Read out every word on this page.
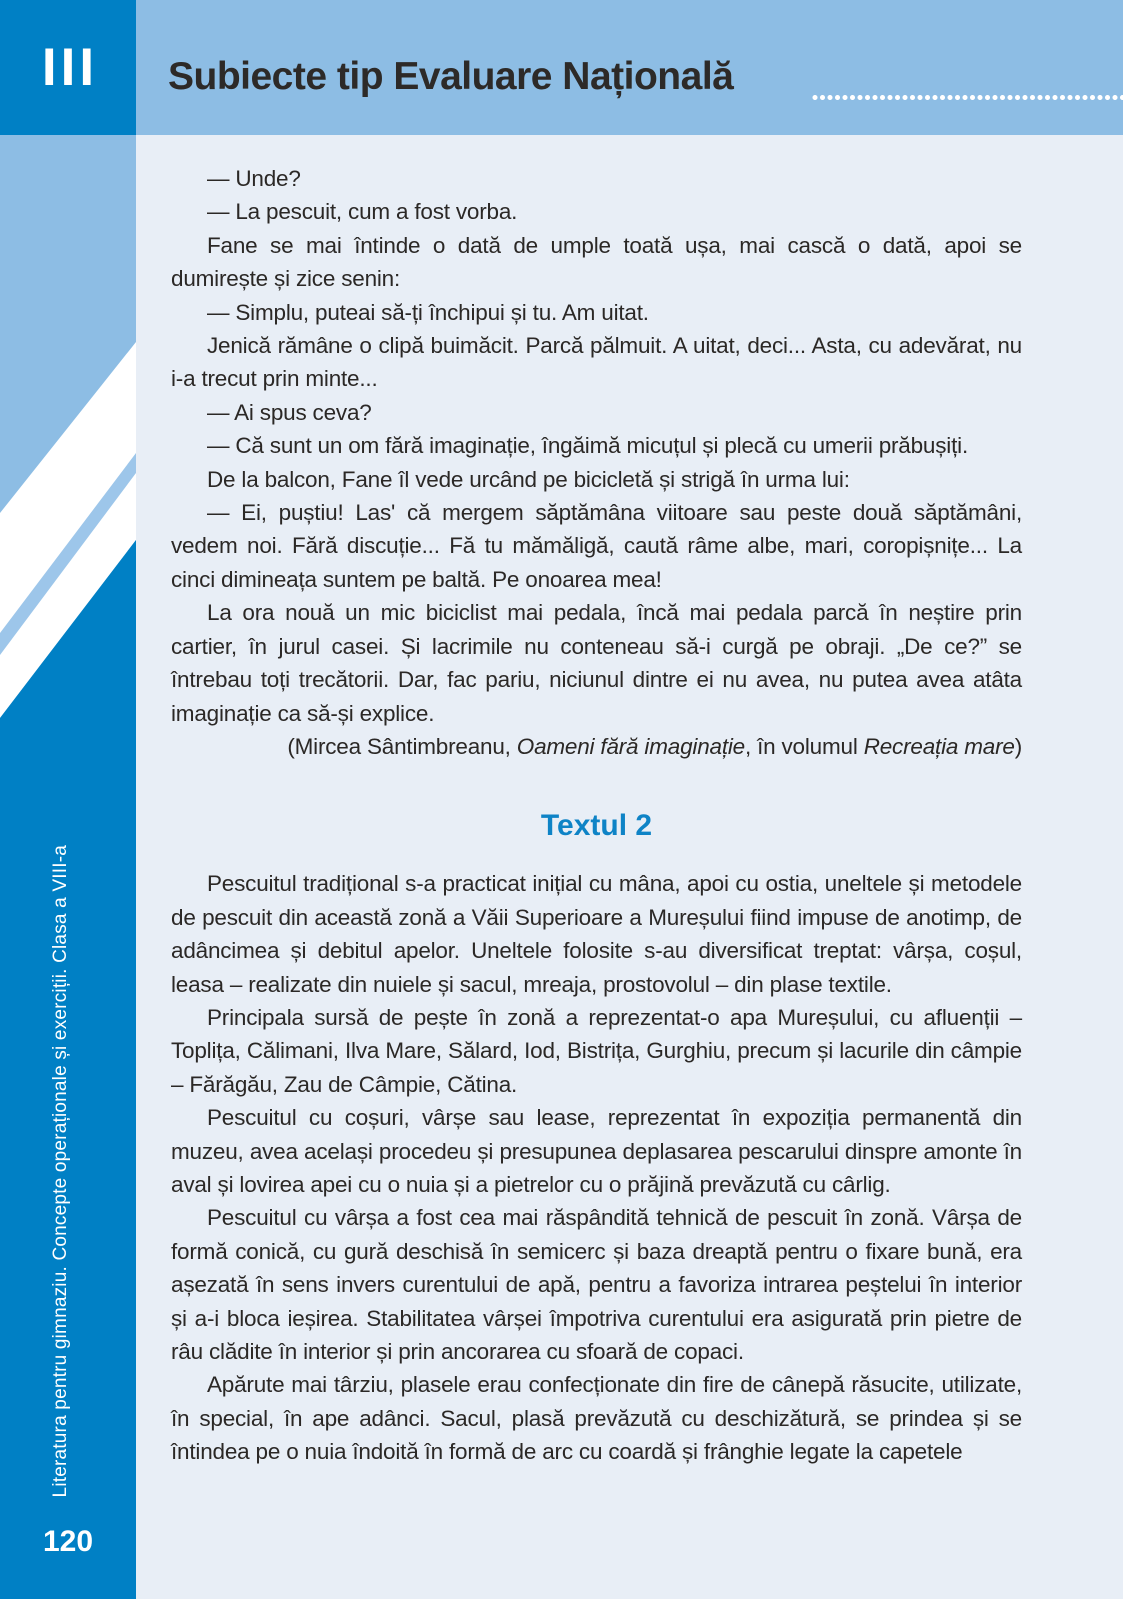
Subiecte tip Evaluare Națională
III
Literatura pentru gimnaziu. Concepte operaționale și exerciții. Clasa a VIII-a
120

— Unde?

— La pescuit, cum a fost vorba.

Fane se mai întinde o dată de umple toată ușa, mai cască o dată, apoi se dumirește și zice senin:

— Simplu, puteai să-ți închipui și tu. Am uitat.

Jenică rămâne o clipă buimăcit. Parcă pălmuit. A uitat, deci... Asta, cu adevărat, nu i-a trecut prin minte...

— Ai spus ceva?

— Că sunt un om fără imaginație, îngăimă micuțul și plecă cu umerii prăbușiți.

De la balcon, Fane îl vede urcând pe bicicletă și strigă în urma lui:

— Ei, puștiu! Las' că mergem săptămâna viitoare sau peste două săptămâni, vedem noi. Fără discuție... Fă tu mămăligă, caută râme albe, mari, coropișnițe... La cinci dimineața suntem pe baltă. Pe onoarea mea!

La ora nouă un mic biciclist mai pedala, încă mai pedala parcă în neștire prin cartier, în jurul casei. Și lacrimile nu conteneau să-i curgă pe obraji. „De ce?” se întrebau toți trecătorii. Dar, fac pariu, niciunul dintre ei nu avea, nu putea avea atâta imaginație ca să-și explice.

(Mircea Sântimbreanu, Oameni fără imaginație, în volumul Recreația mare)

Textul 2

Pescuitul tradițional s-a practicat inițial cu mâna, apoi cu ostia, uneltele și metodele de pescuit din această zonă a Văii Superioare a Mureșului fiind impuse de anotimp, de adâncimea și debitul apelor. Uneltele folosite s-au diversificat treptat: vârșa, coșul, leasa – realizate din nuiele și sacul, mreaja, prostovolul – din plase textile.

Principala sursă de pește în zonă a reprezentat-o apa Mureșului, cu afluenții – Toplița, Călimani, Ilva Mare, Sălard, Iod, Bistrița, Gurghiu, precum și lacurile din câmpie – Fărăgău, Zau de Câmpie, Cătina.

Pescuitul cu coșuri, vârșe sau lease, reprezentat în expoziția permanentă din muzeu, avea același procedeu și presupunea deplasarea pescarului dinspre amonte în aval și lovirea apei cu o nuia și a pietrelor cu o prăjină prevăzută cu cârlig.

Pescuitul cu vârșa a fost cea mai răspândită tehnică de pescuit în zonă. Vârșa de formă conică, cu gură deschisă în semicerc și baza dreaptă pentru o fixare bună, era așezată în sens invers curentului de apă, pentru a favoriza intrarea peștelui în interior și a-i bloca ieșirea. Stabilitatea vârșei împotriva curentului era asigurată prin pietre de râu clădite în interior și prin ancorarea cu sfoară de copaci.

Apărute mai târziu, plasele erau confecționate din fire de cânepă răsucite, utilizate, în special, în ape adânci. Sacul, plasă prevăzută cu deschizătură, se prindea și se întindea pe o nuia îndoită în formă de arc cu coardă și frânghie legate la capetele
